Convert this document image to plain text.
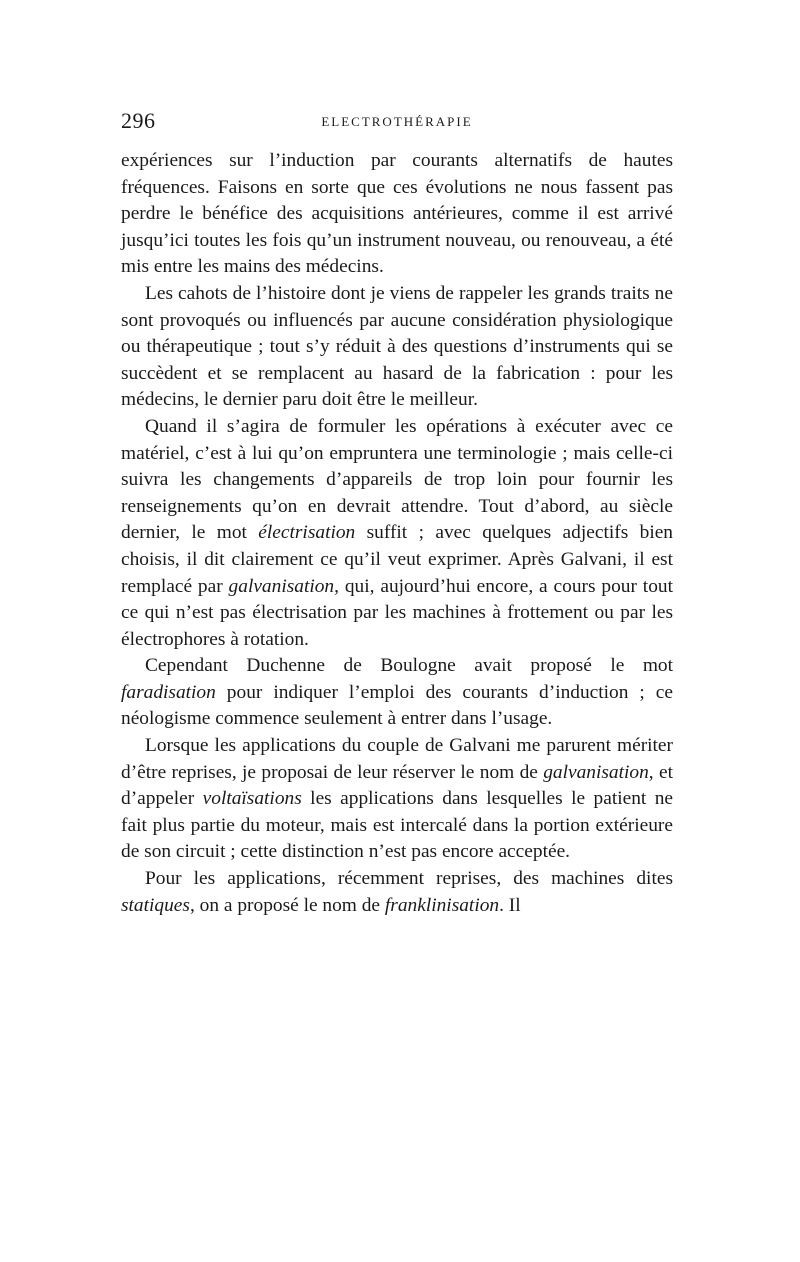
296	ELECTROTHÉRAPIE

expériences sur l’induction par courants alternatifs de hautes fréquences. Faisons en sorte que ces évolutions ne nous fassent pas perdre le bénéfice des acquisitions antérieures, comme il est arrivé jusqu’ici toutes les fois qu’un instrument nouveau, ou renouveau, a été mis entre les mains des médecins.

Les cahots de l’histoire dont je viens de rappeler les grands traits ne sont provoqués ou influencés par aucune considération physiologique ou thérapeutique ; tout s’y réduit à des questions d’instruments qui se succèdent et se remplacent au hasard de la fabrication : pour les médecins, le dernier paru doit être le meilleur.

Quand il s’agira de formuler les opérations à exécuter avec ce matériel, c’est à lui qu’on empruntera une terminologie ; mais celle-ci suivra les changements d’appareils de trop loin pour fournir les renseignements qu’on en devrait attendre. Tout d’abord, au siècle dernier, le mot électrisation suffit ; avec quelques adjectifs bien choisis, il dit clairement ce qu’il veut exprimer. Après Galvani, il est remplacé par galvanisation, qui, aujourd’hui encore, a cours pour tout ce qui n’est pas électrisation par les machines à frottement ou par les électrophores à rotation.

Cependant Duchenne de Boulogne avait proposé le mot faradisation pour indiquer l’emploi des courants d’induction ; ce néologisme commence seulement à entrer dans l’usage.

Lorsque les applications du couple de Galvani me parurent mériter d’être reprises, je proposai de leur réserver le nom de galvanisation, et d’appeler voltaïsations les applications dans lesquelles le patient ne fait plus partie du moteur, mais est intercalé dans la portion extérieure de son circuit ; cette distinction n’est pas encore acceptée.

Pour les applications, récemment reprises, des machines dites statiques, on a proposé le nom de franklinisation. Il
